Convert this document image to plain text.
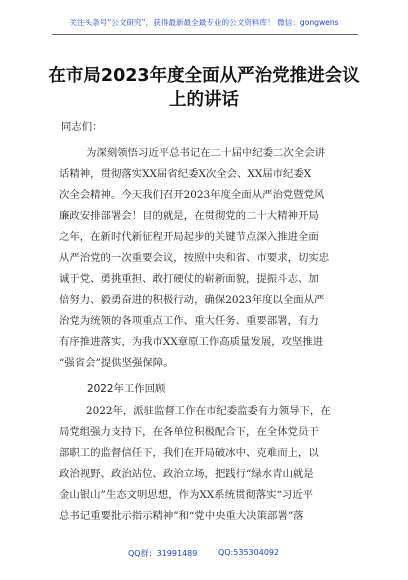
关注头条号“公文研究”，获得最新最全最专业的公文资料库！ 微信：gongwens
在市局2023年度全面从严治党推进会议
上的讲话
同志们：
为深刻领悟习近平总书记在二十届中纪委二次全会讲
话精神，贯彻落实XX届省纪委X次全会、XX届市纪委X
次全会精神。今天我们召开2023年度全面从严治党暨党风
廉政安排部署会！目的就是，在贯彻党的二十大精神开局
之年，在新时代新征程开局起步的关键节点深入推进全面
从严治党的一次重要会议，按照中央和省、市要求，切实忠
诚于党、勇挑重担、敢打硬仗的崭新面貌，提振斗志、加
倍努力、毅勇奋进的积极行动，确保2023年度以全面从严
治党为统领的各项重点工作、重大任务、重要部署，有力
有序推进落实，为我市XX章原工作高质量发展，攻坚推进
“强省会”提供坚强保障。
2022年工作回顾
2022年，派驻监督工作在市纪委监委有力领导下，在
局党组强力支持下，在各单位积极配合下，在全体党员干
部职工的监督信任下，我们在开局破冰中、克难而上，以
政治视野、政治站位、政治立场，把践行“绿水青山就是
金山银山”生态文明思想，作为XX系统贯彻落实“习近平
总书记重要批示指示精神”和“党中央重大决策部署”落
QQ群：31991489	QQ:535304092
